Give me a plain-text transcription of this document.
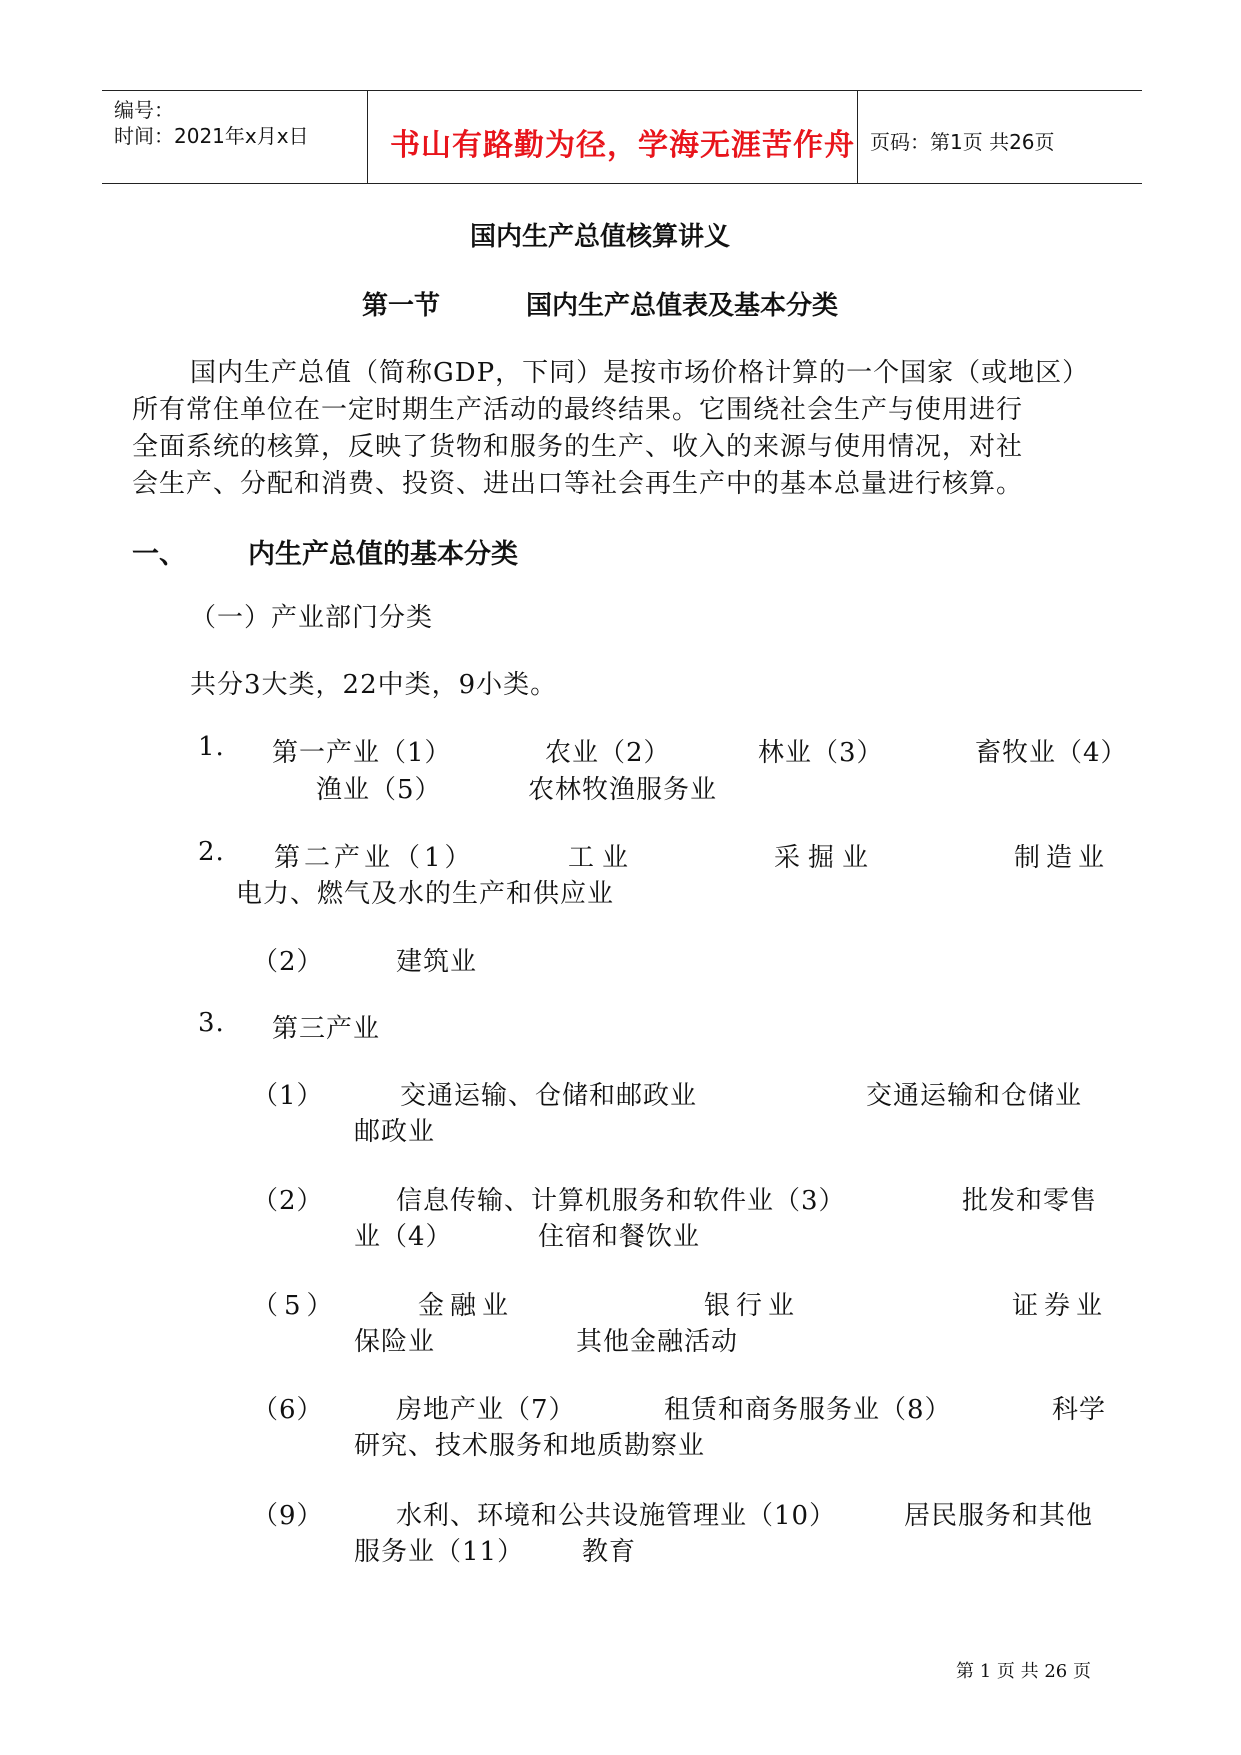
编号：
时间：2021年x月x日	书山有路勤为径，学海无涯苦作舟 页码：第1页 共26页
国内生产总值核算讲义
第一节	国内生产总值表及基本分类
国内生产总值（简称GDP，下同）是按市场价格计算的一个国家（或地区）
所有常住单位在一定时期生产活动的最终结果。它围绕社会生产与使用进行
全面系统的核算，反映了货物和服务的生产、收入的来源与使用情况，对社
会生产、分配和消费、投资、进出口等社会再生产中的基本总量进行核算。
一、 内生产总值的基本分类
（一）产业部门分类
共分3大类，22中类，9小类。
1. 第一产业（1）	农业（2）	林业（3）	畜牧业（4）
渔业（5）	农林牧渔服务业
2. 第二产业（1）	工业	采掘业	制造业
电力、燃气及水的生产和供应业
（2）	建筑业
3. 第三产业
（1）	交通运输、仓储和邮政业	交通运输和仓储业
邮政业
（2）	信息传输、计算机服务和软件业（3）	批发和零售
业（4）	住宿和餐饮业
（5）	金融业	银行业	证券业
保险业	其他金融活动
（6）	房地产业（7）	租赁和商务服务业（8）	科学
研究、技术服务和地质勘察业
（9）	水利、环境和公共设施管理业（10）	居民服务和其他
服务业（11） 教育
第 1 页 共 26 页
